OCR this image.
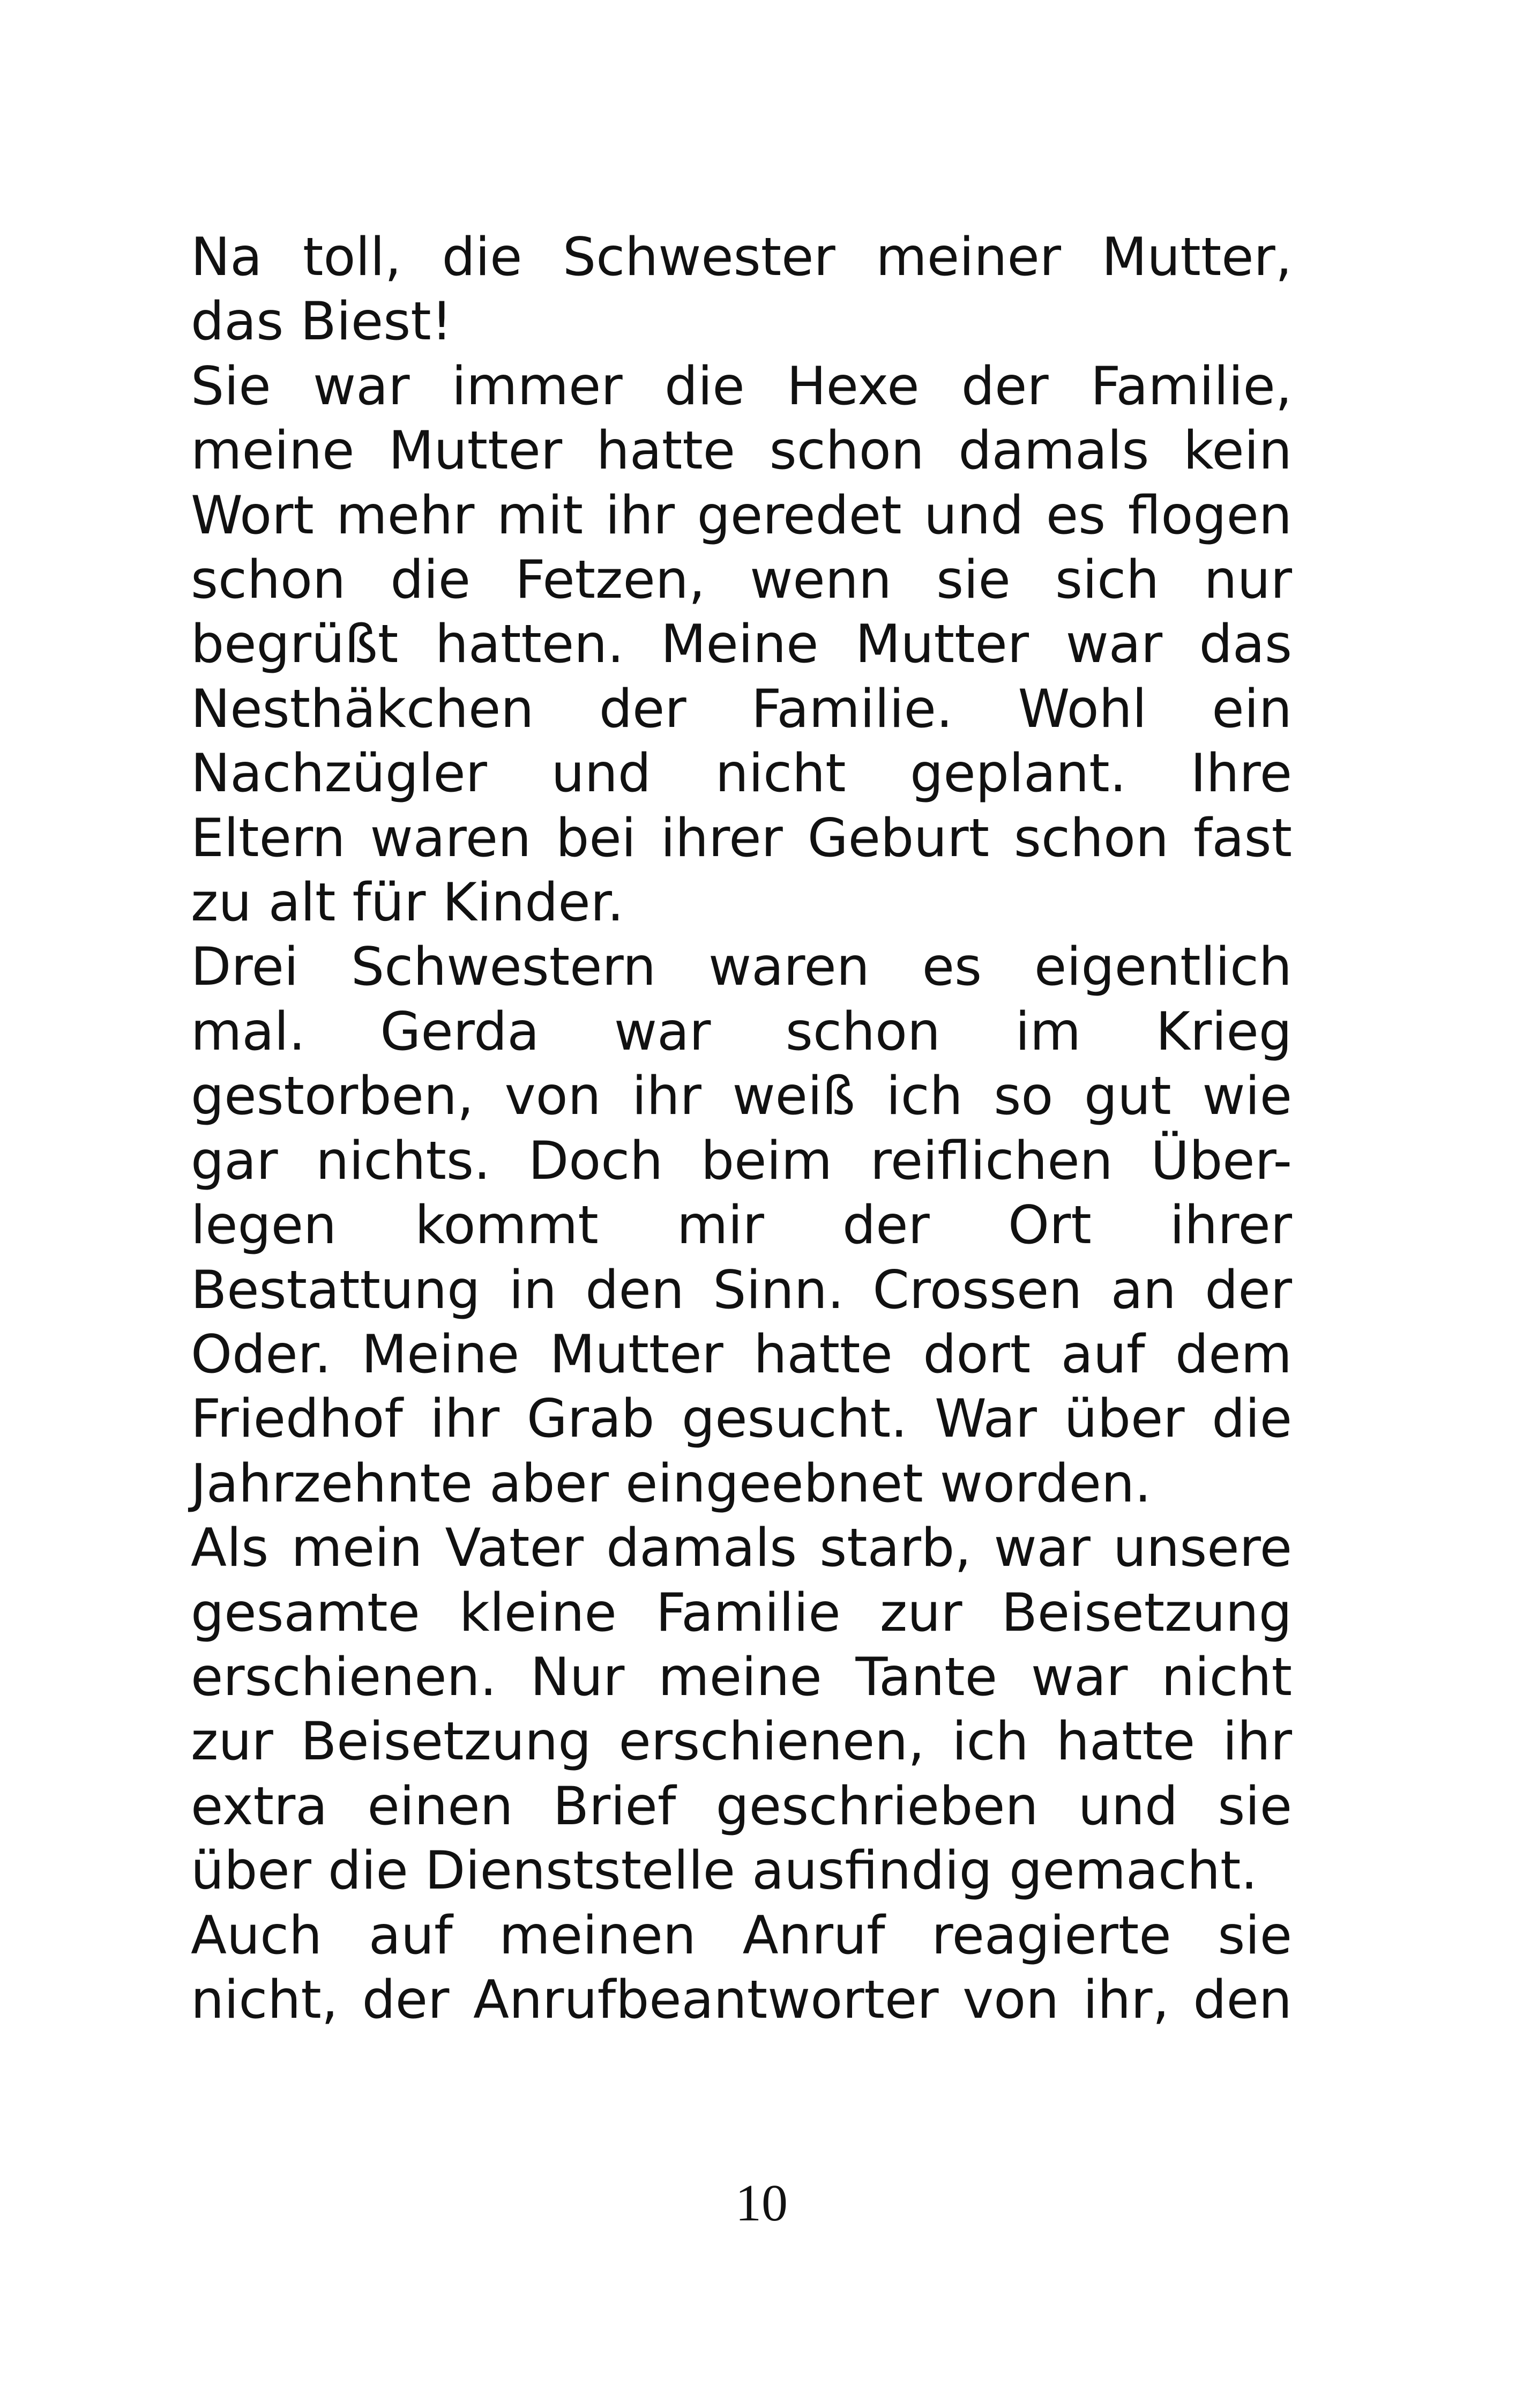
Na toll, die Schwester meiner Mutter,
das Biest!

Sie war immer die Hexe der Familie,
meine Mutter hatte schon damals kein
Wort mehr mit ihr geredet und es flogen
schon die Fetzen, wenn sie sich nur
begrüßt hatten. Meine Mutter war das
Nesthäkchen der Familie. Wohl ein
Nachzügler und nicht geplant. Ihre
Eltern waren bei ihrer Geburt schon fast
zu alt für Kinder.

Drei Schwestern waren es eigentlich
mal. Gerda war schon im Krieg
gestorben, von ihr weiß ich so gut wie
gar nichts. Doch beim reiflichen Über-
legen kommt mir der Ort ihrer
Bestattung in den Sinn. Crossen an der
Oder. Meine Mutter hatte dort auf dem
Friedhof ihr Grab gesucht. War über die
Jahrzehnte aber eingeebnet worden.

Als mein Vater damals starb, war unsere
gesamte kleine Familie zur Beisetzung
erschienen. Nur meine Tante war nicht
zur Beisetzung erschienen, ich hatte ihr
extra einen Brief geschrieben und sie
über die Dienststelle ausfindig gemacht.

Auch auf meinen Anruf reagierte sie
nicht, der Anrufbeantworter von ihr, den

10
